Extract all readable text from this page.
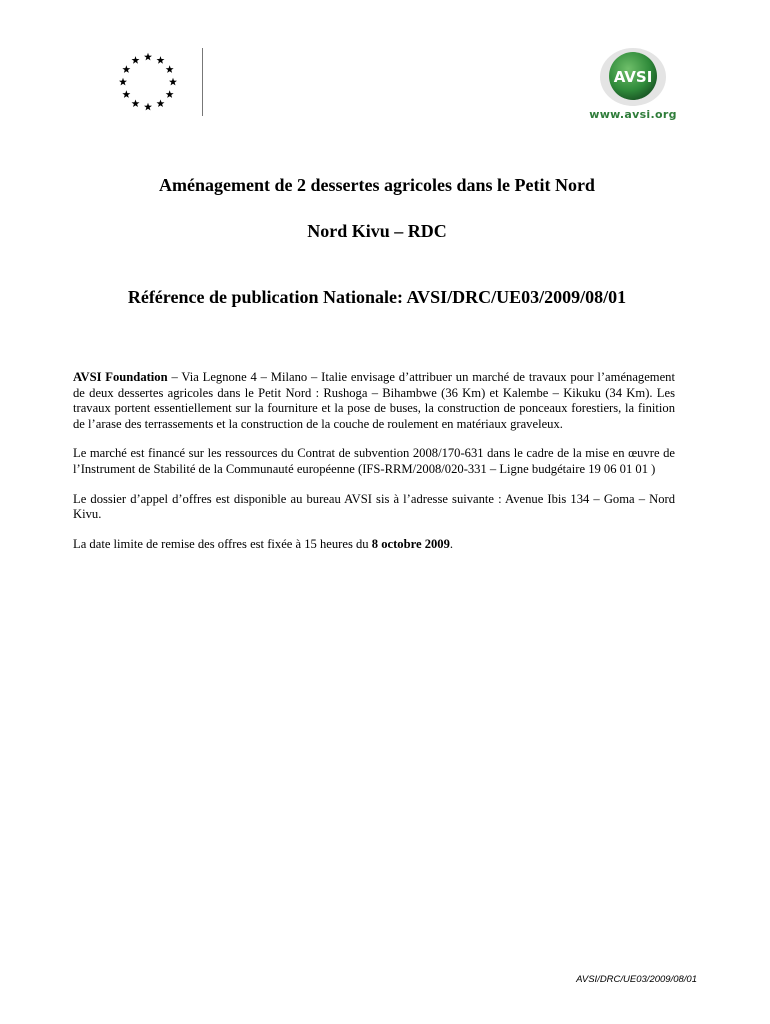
AVSI
www.avsi.org
Aménagement de 2 dessertes agricoles dans le Petit Nord
Nord Kivu – RDC
Référence de publication Nationale: AVSI/DRC/UE03/2009/08/01

AVSI Foundation – Via Legnone 4 – Milano – Italie envisage d’attribuer un marché de travaux pour l’aménagement de deux dessertes agricoles dans le Petit Nord : Rushoga – Bihambwe (36 Km) et Kalembe – Kikuku (34 Km). Les travaux portent essentiellement sur la fourniture et la pose de buses, la construction de ponceaux forestiers, la finition de l’arase des terrassements et la construction de la couche de roulement en matériaux graveleux.

Le marché est financé sur les ressources du Contrat de subvention 2008/170-631 dans le cadre de la mise en œuvre de l’Instrument de Stabilité de la Communauté européenne (IFS-RRM/2008/020-331 – Ligne budgétaire 19 06 01 01 )

Le dossier d’appel d’offres est disponible au bureau AVSI sis à l’adresse suivante : Avenue Ibis 134 – Goma – Nord Kivu.

La date limite de remise des offres est fixée à 15 heures du 8 octobre 2009.

AVSI/DRC/UE03/2009/08/01
